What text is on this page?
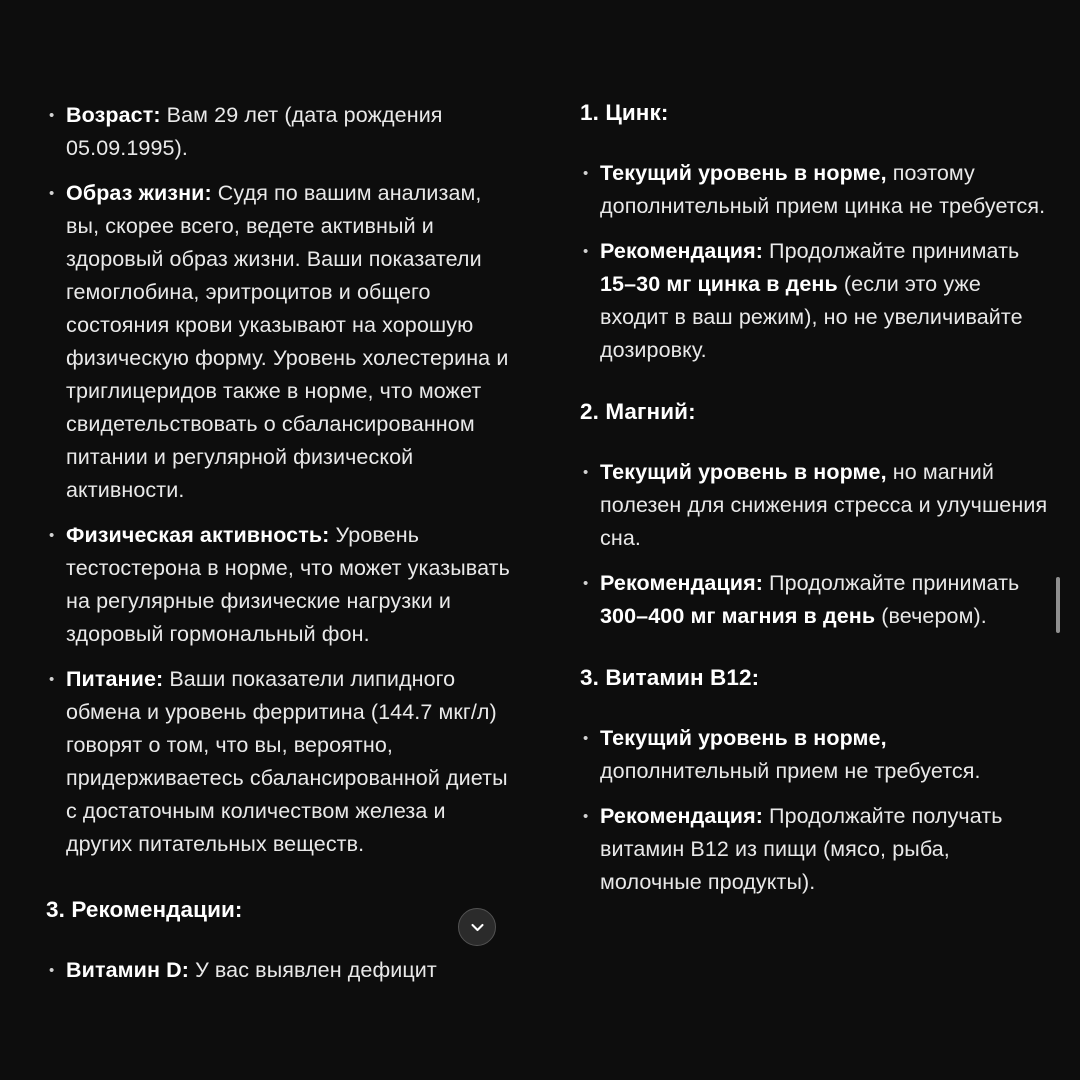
• Возраст: Вам 29 лет (дата рождения 05.09.1995).
• Образ жизни: Судя по вашим анализам, вы, скорее всего, ведете активный и здоровый образ жизни. Ваши показатели гемоглобина, эритроцитов и общего состояния крови указывают на хорошую физическую форму. Уровень холестерина и триглицеридов также в норме, что может свидетельствовать о сбалансированном питании и регулярной физической активности.
• Физическая активность: Уровень тестостерона в норме, что может указывать на регулярные физические нагрузки и здоровый гормональный фон.
• Питание: Ваши показатели липидного обмена и уровень ферритина (144.7 мкг/л) говорят о том, что вы, вероятно, придерживаетесь сбалансированной диеты с достаточным количеством железа и других питательных веществ.
3. Рекомендации:
• Витамин D: У вас выявлен дефицит
1. Цинк:
• Текущий уровень в норме, поэтому дополнительный прием цинка не требуется.
• Рекомендация: Продолжайте принимать 15–30 мг цинка в день (если это уже входит в ваш режим), но не увеличивайте дозировку.
2. Магний:
• Текущий уровень в норме, но магний полезен для снижения стресса и улучшения сна.
• Рекомендация: Продолжайте принимать 300–400 мг магния в день (вечером).
3. Витамин B12:
• Текущий уровень в норме, дополнительный прием не требуется.
• Рекомендация: Продолжайте получать витамин B12 из пищи (мясо, рыба, молочные продукты).
